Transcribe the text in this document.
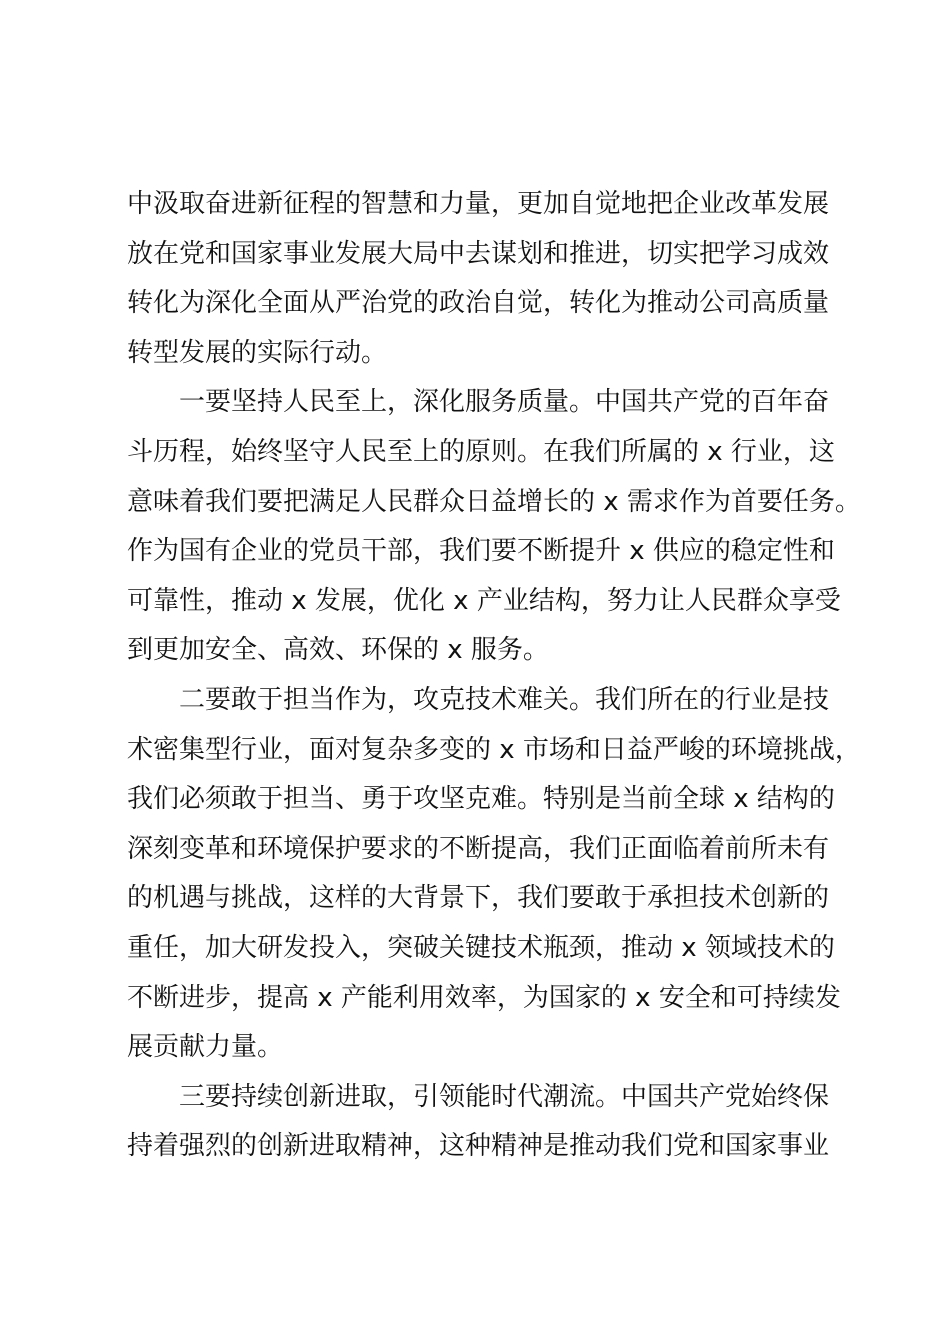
中汲取奋进新征程的智慧和力量，更加自觉地把企业改革发展
放在党和国家事业发展大局中去谋划和推进，切实把学习成效
转化为深化全面从严治党的政治自觉，转化为推动公司高质量
转型发展的实际行动。
一要坚持人民至上，深化服务质量。中国共产党的百年奋
斗历程，始终坚守人民至上的原则。在我们所属的 x 行业，这
意味着我们要把满足人民群众日益增长的 x 需求作为首要任务。
作为国有企业的党员干部，我们要不断提升 x 供应的稳定性和
可靠性，推动 x 发展，优化 x 产业结构，努力让人民群众享受
到更加安全、高效、环保的 x 服务。
二要敢于担当作为，攻克技术难关。我们所在的行业是技
术密集型行业，面对复杂多变的 x 市场和日益严峻的环境挑战，
我们必须敢于担当、勇于攻坚克难。特别是当前全球 x 结构的
深刻变革和环境保护要求的不断提高，我们正面临着前所未有
的机遇与挑战，这样的大背景下，我们要敢于承担技术创新的
重任，加大研发投入，突破关键技术瓶颈，推动 x 领域技术的
不断进步，提高 x 产能利用效率，为国家的 x 安全和可持续发
展贡献力量。
三要持续创新进取，引领能时代潮流。中国共产党始终保
持着强烈的创新进取精神，这种精神是推动我们党和国家事业
